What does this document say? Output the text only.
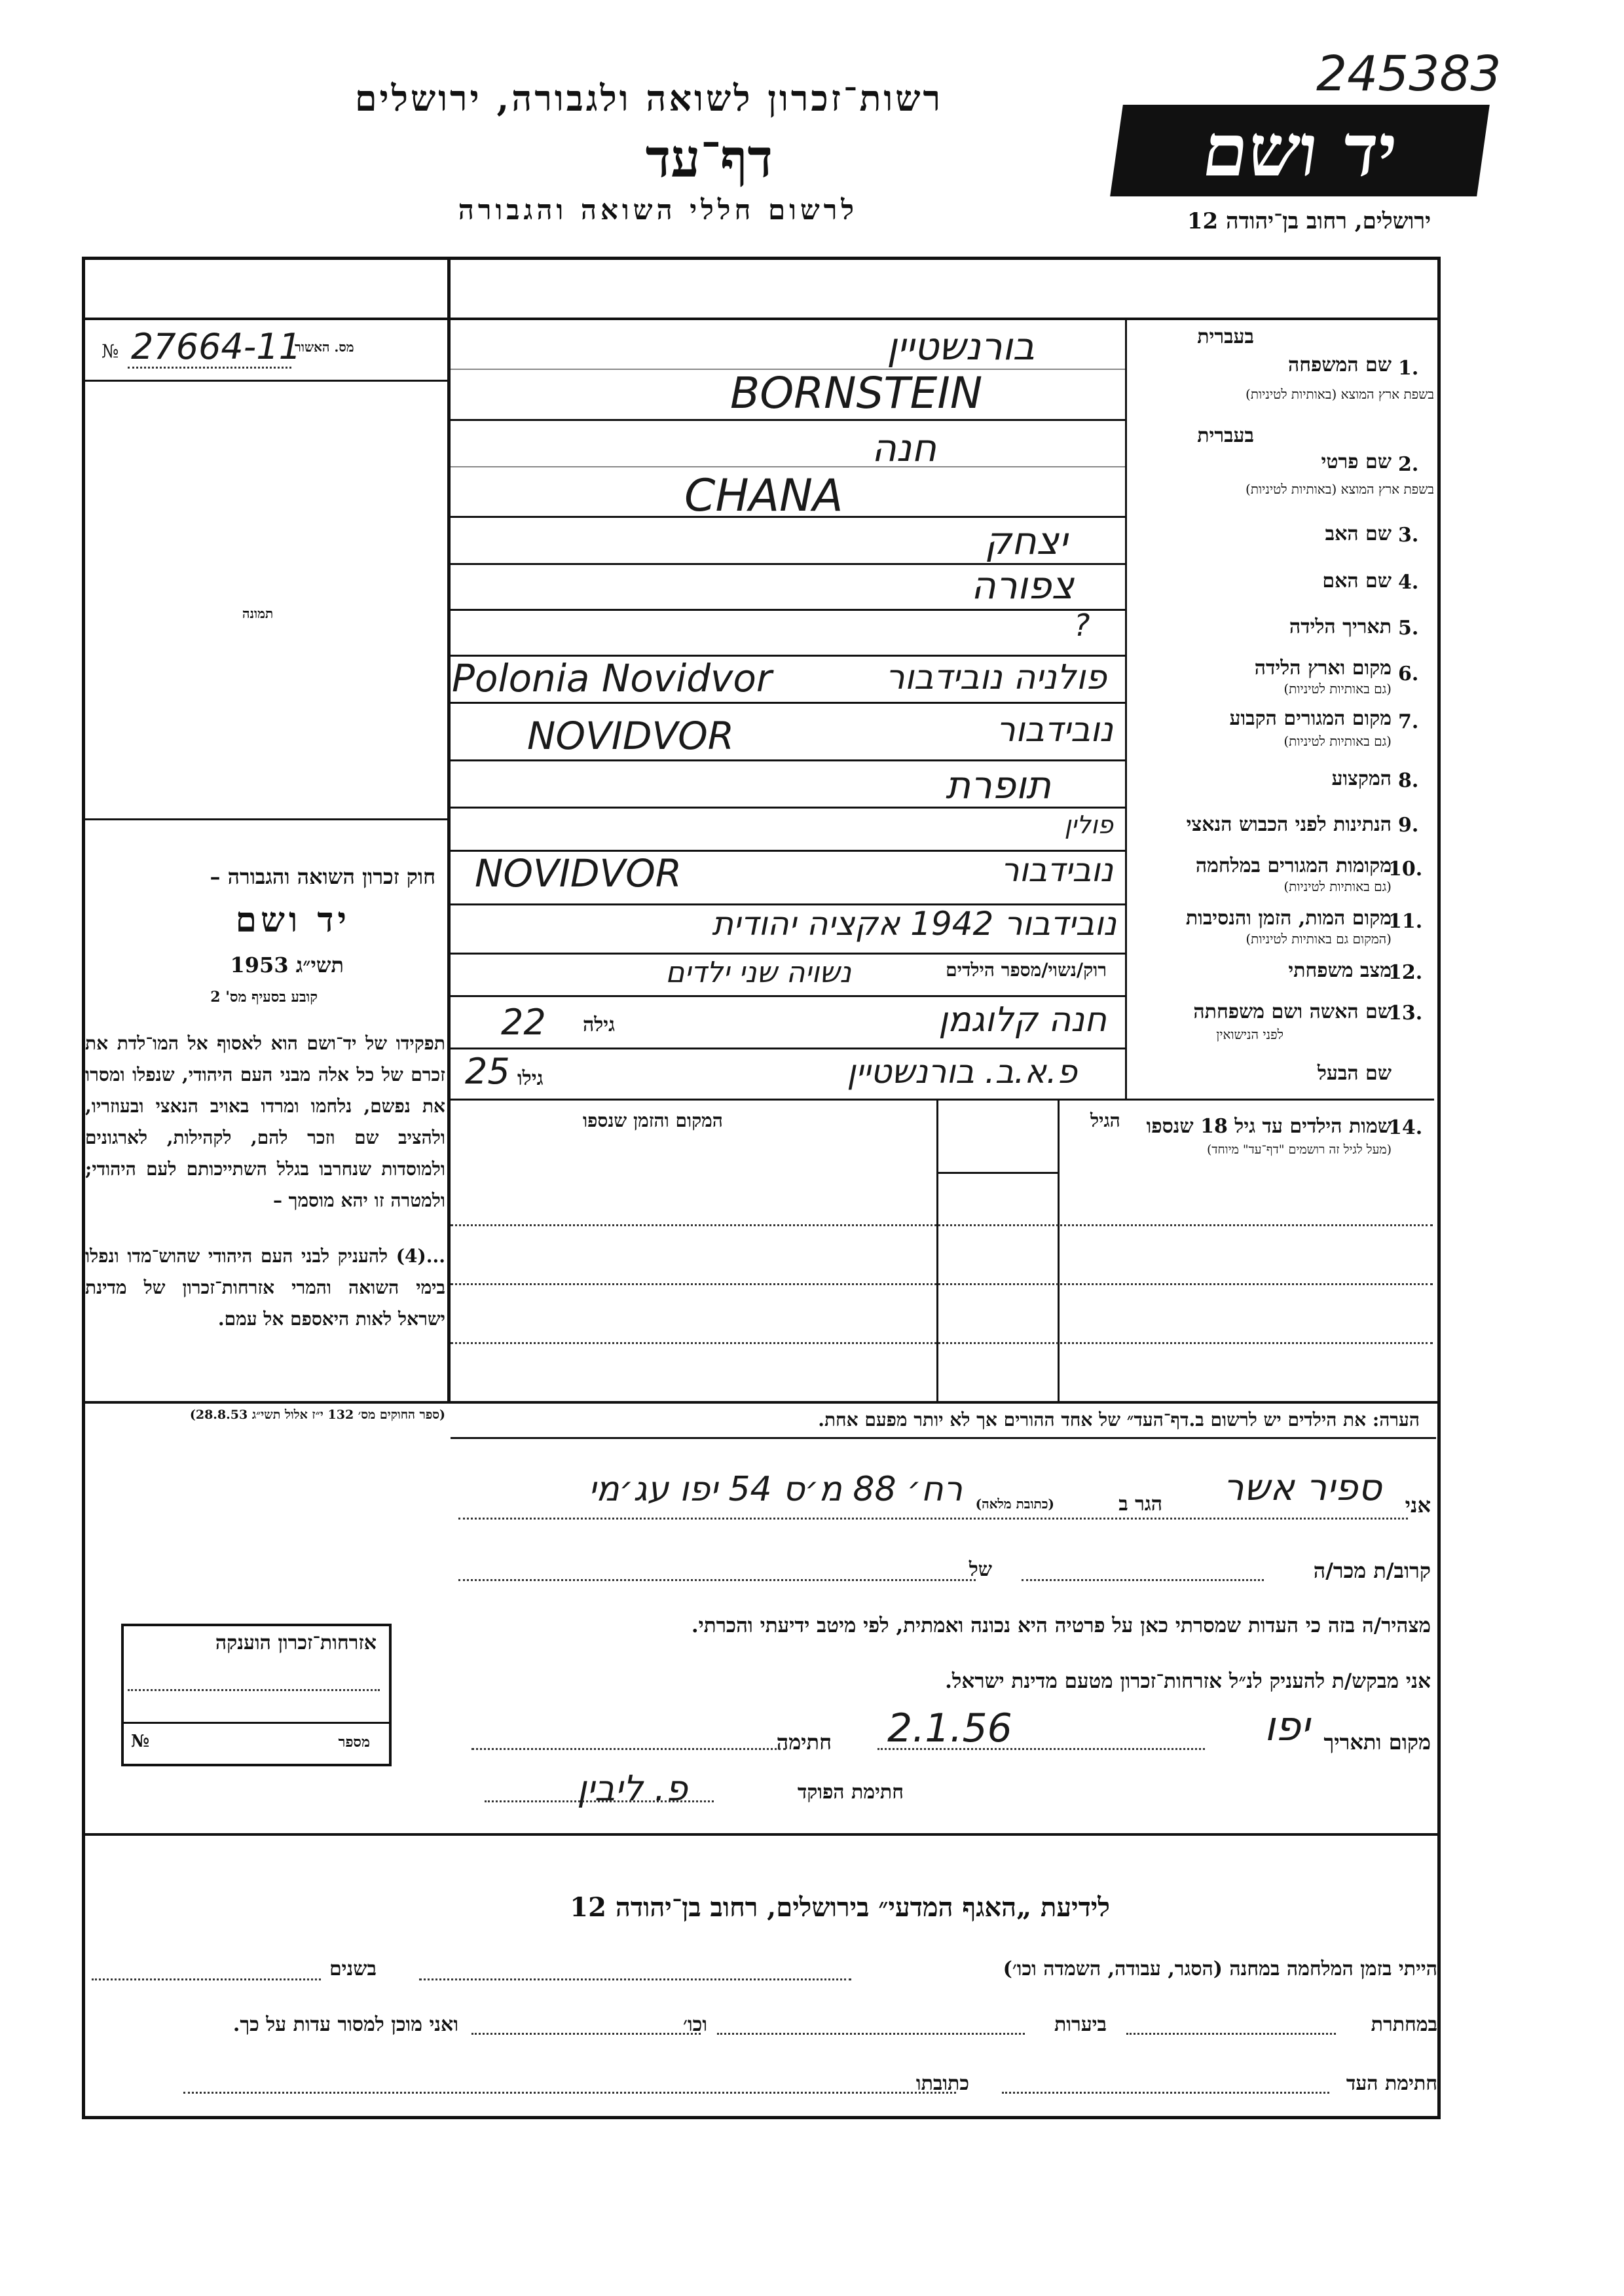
רשות־זכרון לשואה ולגבורה, ירושלים
דף־עד
לרשום חללי השואה והגבורה
יד ושם
245383
ירושלים, רחוב בן־יהודה 12
מס. האשור
№ 27664-11
תמונה
בעברית
1.
שם המשפחה
בשפת ארץ המוצא (באותיות לטיניות)
בורנשטיין
BORNSTEIN
בעברית
2.
שם פרטי
בשפת ארץ המוצא (באותיות לטיניות)
חנה
CHANA
3.
שם האב
יצחק
4.
שם האם
צפורה
5.
תאריך הלידה
?
6.
מקום וארץ הלידה
(גם באותיות לטיניות)
Polonia Novidvor	פולניה נובידבור
7.
מקום המגורים הקבוע
(גם באותיות לטיניות)
NOVIDVOR	נובידבור
8.
המקצוע
תופרת
9.
הנתינות לפני הכבוש הנאצי
פולין
10.
מקומות המגורים במלחמה
(גם באותיות לטיניות)
NOVIDVOR	נובידבור
11.
מקום המות, הזמן והנסיבות
(המקום גם באותיות לטיניות)
נובידבור 1942 אקציה יהודית
12.
מצב משפחתי
רוק/נשוי/מספר הילדים
נשויה שני ילדים
13.
שם האשה ושם משפחתה
לפני הנישואין
גילה
22	חנה קלוגמן
שם הבעל
גילו
25	פ.א.ב. בורנשטיין
14.
שמות הילדים עד גיל 18 שנספו
(מעל לגיל זה רושמים "דף־עד" מיוחד)
הגיל
המקום והזמן שנספו
חוק זכרון השואה והגבורה –
יד ושם
תשי״ג 1953
קובע בסעיף מס' 2
תפקידו של יד־ושם הוא לאסוף אל המו־לדת את זכרם של כל אלה מבני העם היהודי, שנפלו ומסרו את נפשם, נלחמו ומרדו באויב הנאצי ובעוזריו, ולהציב שם וזכר להם, לקהילות, לארגונים ולמוסדות שנחרבו בגלל השתייכותם לעם היהודי; ולמטרה זו יהא מוסמך –
...(4) להעניק לבני העם היהודי שהוש־מדו ונפלו בימי השואה והמרי אזרחות־זכרון של מדינת ישראל לאות היאספם אל עמם.
(ספר החוקים מס׳ 132 י״ז אלול תשי״ג 28.8.53)	הערה: את הילדים יש לרשום ב.דף־העד״ של אחד ההורים אך לא יותר מפעם אחת.
אני
ספיר אשר
הגר ב
(כתובת מלאה)
רח׳ 88 מ׳ס 54 יפו עג׳מי
קרוב/ת מכר/ה
של
מצהיר/ה בזה כי העדות שמסרתי כאן על פרטיה היא נכונה ואמתית, לפי מיטב ידיעתי והכרתי.
אני מבקש/ת להעניק לנ״ל אזרחות־זכרון מטעם מדינת ישראל.
מקום ותאריך
יפו
2.1.56
חתימה
חתימת הפוקד
פ. ליבין
אזרחות־זכרון הוענקה
מספר
№
לידיעת „האגף המדעי״ בירושלים, רחוב בן־יהודה 12
הייתי בזמן המלחמה במחנה (הסגר, עבודה, השמדה וכו׳)
בשנים
במחתרת
ביערות
וכו׳
ואני מוכן למסור עדות על כך.
חתימת העד
כתובתו
